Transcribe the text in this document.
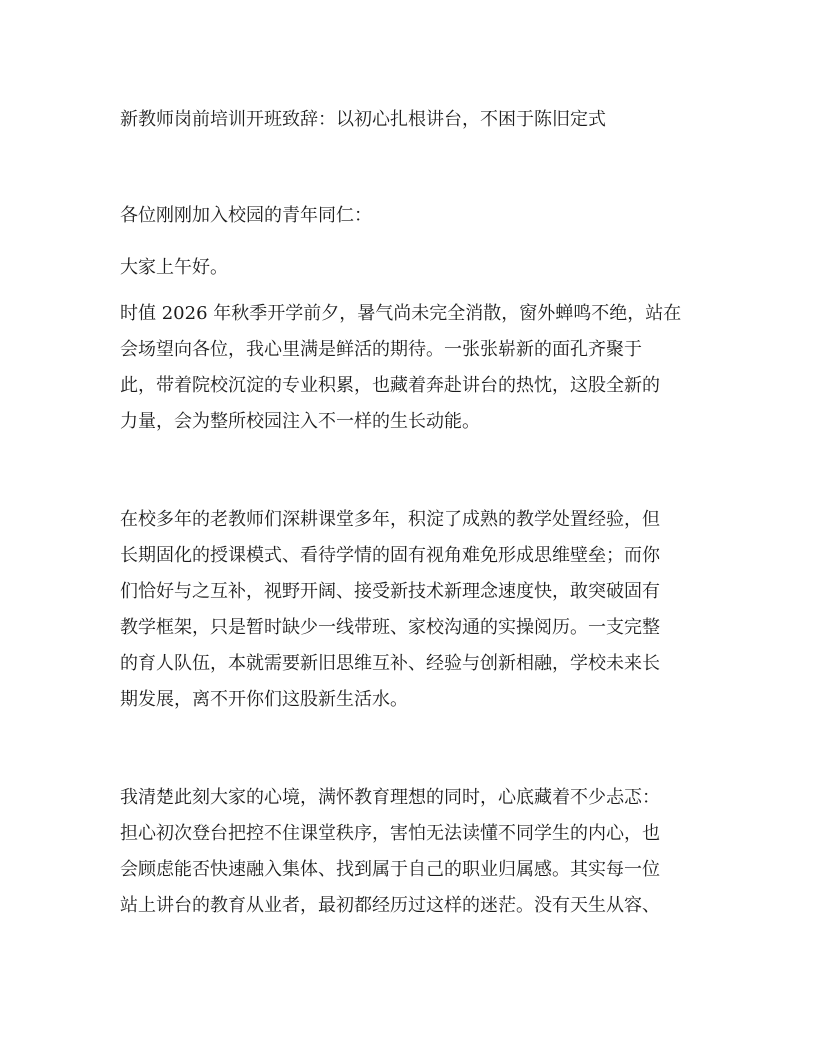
新教师岗前培训开班致辞：以初心扎根讲台，不困于陈旧定式

各位刚刚加入校园的青年同仁：

大家上午好。

时值 2026 年秋季开学前夕，暑气尚未完全消散，窗外蝉鸣不绝，站在
会场望向各位，我心里满是鲜活的期待。一张张崭新的面孔齐聚于
此，带着院校沉淀的专业积累，也藏着奔赴讲台的热忱，这股全新的
力量，会为整所校园注入不一样的生长动能。

在校多年的老教师们深耕课堂多年，积淀了成熟的教学处置经验，但
长期固化的授课模式、看待学情的固有视角难免形成思维壁垒；而你
们恰好与之互补，视野开阔、接受新技术新理念速度快，敢突破固有
教学框架，只是暂时缺少一线带班、家校沟通的实操阅历。一支完整
的育人队伍，本就需要新旧思维互补、经验与创新相融，学校未来长
期发展，离不开你们这股新生活水。

我清楚此刻大家的心境，满怀教育理想的同时，心底藏着不少忐忑：
担心初次登台把控不住课堂秩序，害怕无法读懂不同学生的内心，也
会顾虑能否快速融入集体、找到属于自己的职业归属感。其实每一位
站上讲台的教育从业者，最初都经历过这样的迷茫。没有天生从容、
